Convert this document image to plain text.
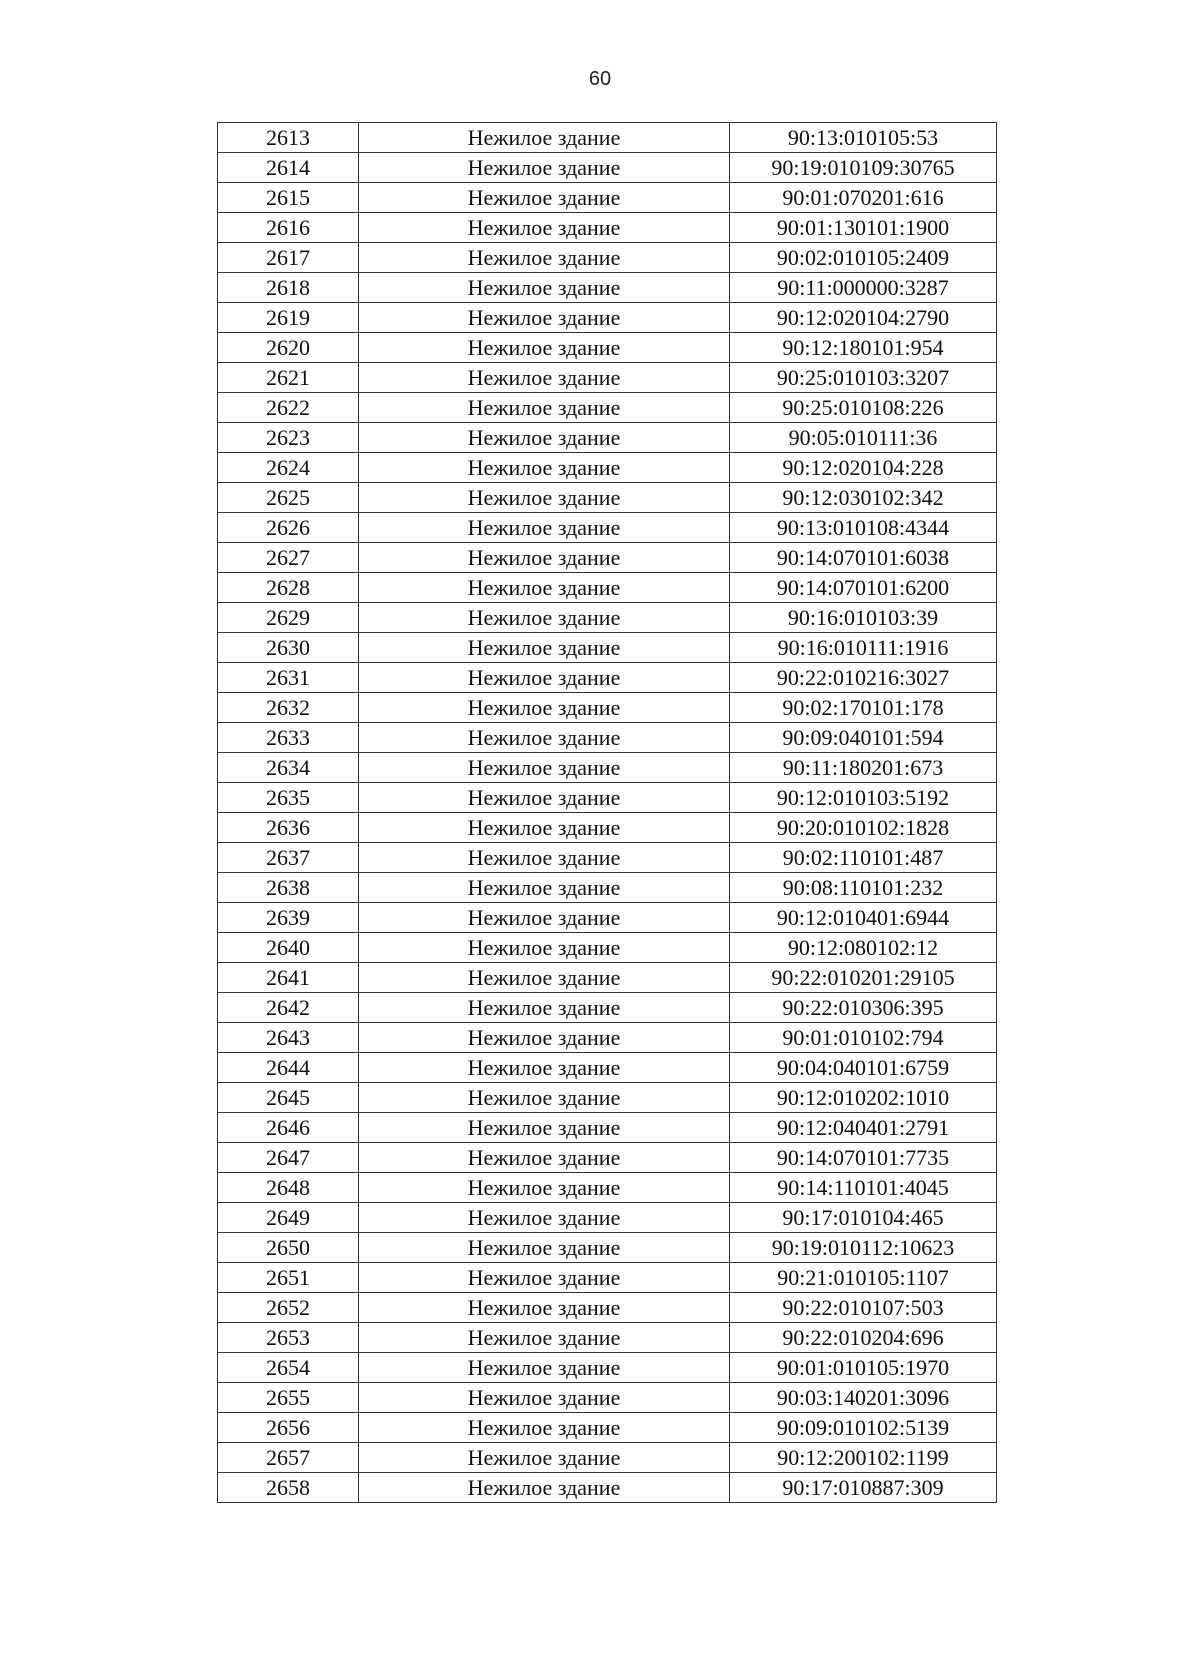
60
2613	Нежилое здание	90:13:010105:53
2614	Нежилое здание	90:19:010109:30765
2615	Нежилое здание	90:01:070201:616
2616	Нежилое здание	90:01:130101:1900
2617	Нежилое здание	90:02:010105:2409
2618	Нежилое здание	90:11:000000:3287
2619	Нежилое здание	90:12:020104:2790
2620	Нежилое здание	90:12:180101:954
2621	Нежилое здание	90:25:010103:3207
2622	Нежилое здание	90:25:010108:226
2623	Нежилое здание	90:05:010111:36
2624	Нежилое здание	90:12:020104:228
2625	Нежилое здание	90:12:030102:342
2626	Нежилое здание	90:13:010108:4344
2627	Нежилое здание	90:14:070101:6038
2628	Нежилое здание	90:14:070101:6200
2629	Нежилое здание	90:16:010103:39
2630	Нежилое здание	90:16:010111:1916
2631	Нежилое здание	90:22:010216:3027
2632	Нежилое здание	90:02:170101:178
2633	Нежилое здание	90:09:040101:594
2634	Нежилое здание	90:11:180201:673
2635	Нежилое здание	90:12:010103:5192
2636	Нежилое здание	90:20:010102:1828
2637	Нежилое здание	90:02:110101:487
2638	Нежилое здание	90:08:110101:232
2639	Нежилое здание	90:12:010401:6944
2640	Нежилое здание	90:12:080102:12
2641	Нежилое здание	90:22:010201:29105
2642	Нежилое здание	90:22:010306:395
2643	Нежилое здание	90:01:010102:794
2644	Нежилое здание	90:04:040101:6759
2645	Нежилое здание	90:12:010202:1010
2646	Нежилое здание	90:12:040401:2791
2647	Нежилое здание	90:14:070101:7735
2648	Нежилое здание	90:14:110101:4045
2649	Нежилое здание	90:17:010104:465
2650	Нежилое здание	90:19:010112:10623
2651	Нежилое здание	90:21:010105:1107
2652	Нежилое здание	90:22:010107:503
2653	Нежилое здание	90:22:010204:696
2654	Нежилое здание	90:01:010105:1970
2655	Нежилое здание	90:03:140201:3096
2656	Нежилое здание	90:09:010102:5139
2657	Нежилое здание	90:12:200102:1199
2658	Нежилое здание	90:17:010887:309
